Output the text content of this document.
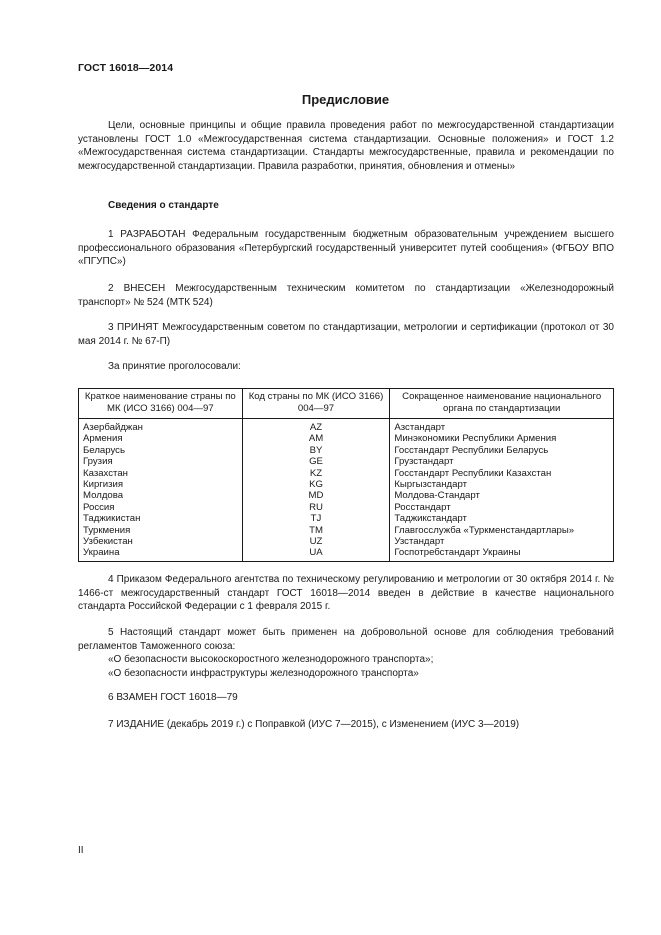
ГОСТ 16018—2014
Предисловие

Цели, основные принципы и общие правила проведения работ по межгосударственной стандартизации установлены ГОСТ 1.0 «Межгосударственная система стандартизации. Основные положения» и ГОСТ 1.2 «Межгосударственная система стандартизации. Стандарты межгосударственные, правила и рекомендации по межгосударственной стандартизации. Правила разработки, принятия, обновления и отмены»

Сведения о стандарте

1 РАЗРАБОТАН Федеральным государственным бюджетным образовательным учреждением высшего профессионального образования «Петербургский государственный университет путей сообщения» (ФГБОУ ВПО «ПГУПС»)

2 ВНЕСЕН Межгосударственным техническим комитетом по стандартизации «Железнодорожный транспорт» № 524 (МТК 524)

3 ПРИНЯТ Межгосударственным советом по стандартизации, метрологии и сертификации (протокол от 30 мая 2014 г. № 67-П)

За принятие проголосовали:

Краткое наименование страны по МК (ИСО 3166) 004—97	Код страны по МК (ИСО 3166) 004—97	Сокращенное наименование национального органа по стандартизации
Азербайджан	AZ	Азстандарт
Армения	AM	Минэкономики Республики Армения
Беларусь	BY	Госстандарт Республики Беларусь
Грузия	GE	Грузстандарт
Казахстан	KZ	Госстандарт Республики Казахстан
Киргизия	KG	Кыргызстандарт
Молдова	MD	Молдова-Стандарт
Россия	RU	Росстандарт
Таджикистан	TJ	Таджикстандарт
Туркмения	TM	Главгосслужба «Туркменстандартлары»
Узбекистан	UZ	Узстандарт
Украина	UA	Госпотребстандарт Украины

4 Приказом Федерального агентства по техническому регулированию и метрологии от 30 октября 2014 г. № 1466-ст межгосударственный стандарт ГОСТ 16018—2014 введен в действие в качестве национального стандарта Российской Федерации с 1 февраля 2015 г.

5 Настоящий стандарт может быть применен на добровольной основе для соблюдения требований регламентов Таможенного союза:

«О безопасности высокоскоростного железнодорожного транспорта»;

«О безопасности инфраструктуры железнодорожного транспорта»

6 ВЗАМЕН ГОСТ 16018—79

7 ИЗДАНИЕ (декабрь 2019 г.) с Поправкой (ИУС 7—2015), с Изменением (ИУС 3—2019)

II
